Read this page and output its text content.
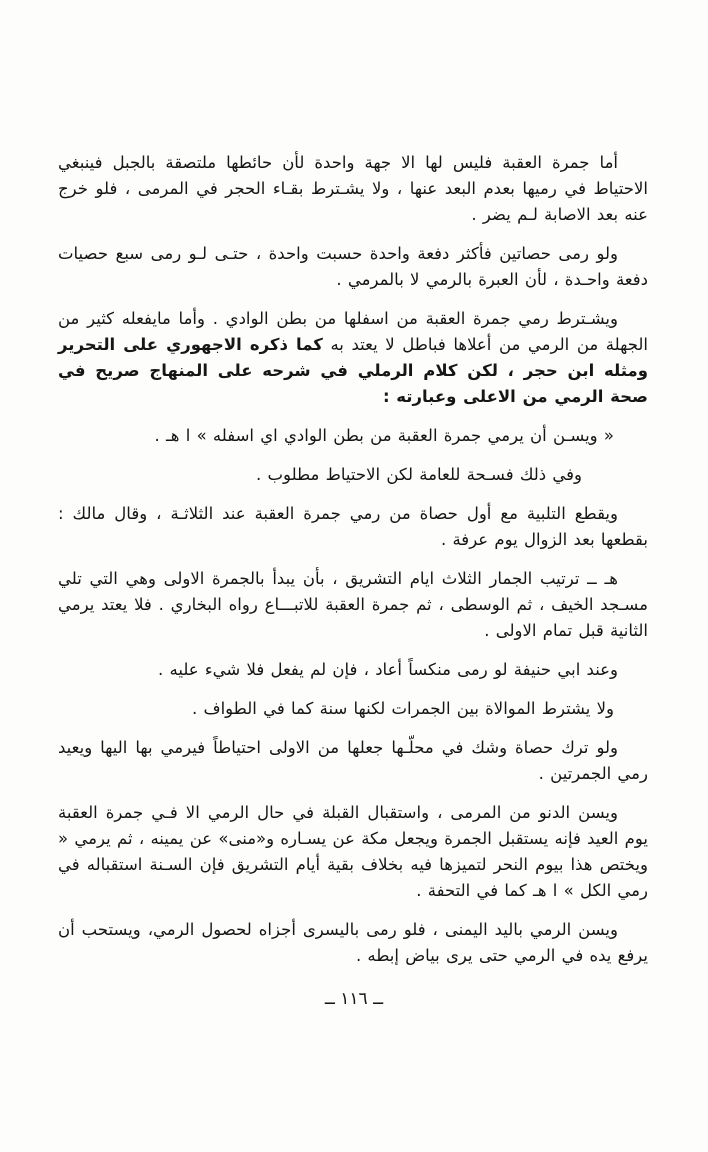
أما جمرة العقبة فليس لها الا جهة واحدة لأن حائطها ملتصقة بالجبل فينبغي الاحتياط في رميها بعدم البعد عنها ، ولا يشـترط بقـاء الحجر في المرمى ، فلو خرج عنه بعد الاصابة لـم يضر .

ولو رمى حصاتين فأكثر دفعة واحدة حسبت واحدة ، حتـى لـو رمى سبع حصيات دفعة واحـدة ، لأن العبرة بالرمي لا بالمرمي .

ويشـترط رمي جمرة العقبة من اسفلها من بطن الوادي . وأما مايفعله كثير من الجهلة من الرمي من أعلاها فباطل لا يعتد به كما ذكره الاجهوري على التحرير ومثله ابن حجر ، لكن كلام الرملي في شرحه على المنهاج صريح في صحة الرمي من الاعلى وعبارته :

« ويسـن أن يرمي جمرة العقبة من بطن الوادي اي اسفله » ا هـ .

وفي ذلك فسـحة للعامة لكن الاحتياط مطلوب .

ويقطع التلبية مع أول حصاة من رمي جمرة العقبة عند الثلاثـة ، وقال مالك : بقطعها بعد الزوال يوم عرفة .

هـ ــ ترتيب الجمار الثلاث ايام التشريق ، بأن يبدأ بالجمرة الاولى وهي التي تلي مسـجد الخيف ، ثم الوسطى ، ثم جمرة العقبة للاتبـــاع رواه البخاري . فلا يعتد يرمي الثانية قبل تمام الاولى .

وعند ابي حنيفة لو رمى منكساً أعاد ، فإن لم يفعل فلا شيء عليه .

ولا يشترط الموالاة بين الجمرات لكنها سنة كما في الطواف .

ولو ترك حصاة وشك في محلّـها جعلها من الاولى احتياطاً فيرمي بها اليها ويعيد رمي الجمرتين .

ويسن الدنو من المرمى ، واستقبال القبلة في حال الرمي الا فـي جمرة العقبة يوم العيد فإنه يستقبل الجمرة ويجعل مكة عن يسـاره و«منى» عن يمينه ، ثم يرمي « ويختص هذا بيوم النحر لتميزها فيه بخلاف بقية أيام التشريق فإن السـنة استقباله في رمي الكل » ا هـ كما في التحفة .

ويسن الرمي باليد اليمنى ، فلو رمى باليسرى أجزاه لحصول الرمي، ويستحب أن يرفع يده في الرمي حتى يرى بياض إبطه .

ــ ١١٦ ــ
